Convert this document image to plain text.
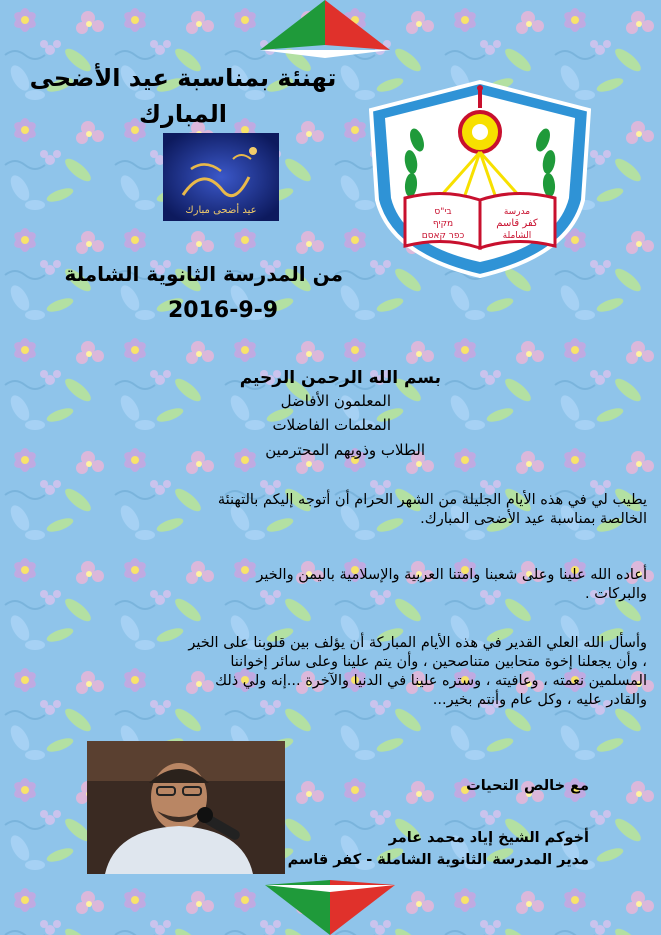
בי"ס
מקיף
כפר קאסם
مدرسة
كفر قاسم
الشاملة
عيد أضحى مبارك
تهنئة بمناسبة عيد الأضحى
المبارك
من المدرسة الثانوية الشاملة
2016-9-9
بسم الله الرحمن الرحيم
المعلمون الأفاضل
المعلمات الفاضلات
الطلاب وذويهم المحترمين
يطيب لي في هذه الأيام الجليلة من الشهر الحرام أن أتوجه إليكم بالتهنئة
الخالصة بمناسبة عيد الأضحى المبارك.
أعاده الله علينا وعلى شعبنا وامتنا العربية والإسلامية باليمن والخير
والبركات .
وأسأل الله العلي القدير في هذه الأيام المباركة أن يؤلف بين قلوبنا على الخير
، وأن يجعلنا إخوة متحابين متناصحين ، وأن يتم علينا وعلى سائر إخواننا
المسلمين نعمته ، وعافيته ، وستره علينا في الدنيا والآخرة ...إنه ولي ذلك
والقادر عليه ، وكل عام وأنتم بخير...
مع خالص التحيات
أخوكم الشيخ إياد محمد عامر
مدير المدرسة الثانوية الشاملة - كفر قاسم
